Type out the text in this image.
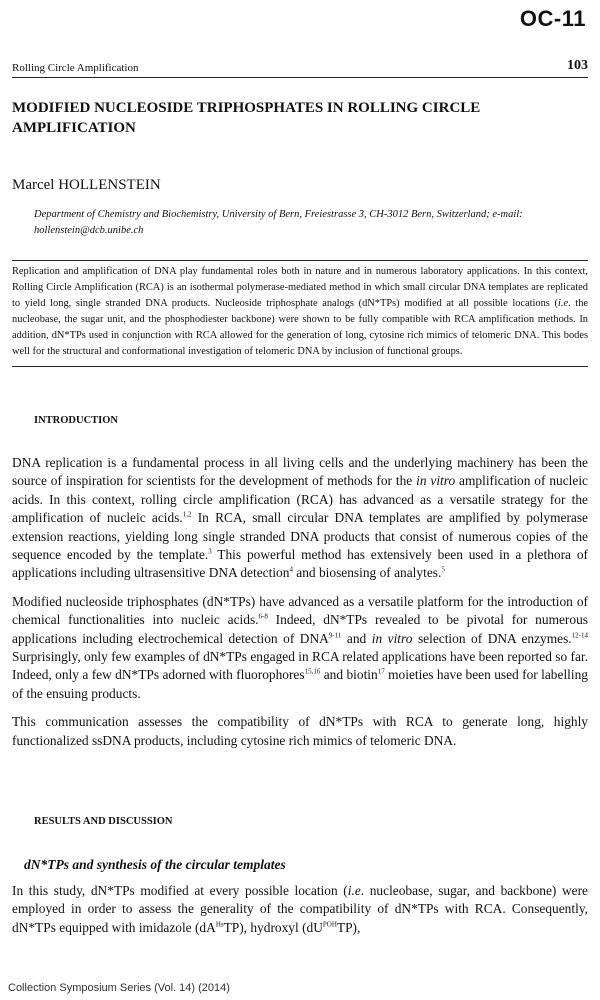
OC-11
Rolling Circle Amplification	103
MODIFIED NUCLEOSIDE TRIPHOSPHATES IN ROLLING CIRCLE AMPLIFICATION

Marcel HOLLENSTEIN

Department of Chemistry and Biochemistry, University of Bern, Freiestrasse 3, CH-3012 Bern, Switzerland; e-mail: hollenstein@dcb.unibe.ch

Replication and amplification of DNA play fundamental roles both in nature and in numerous laboratory applications. In this context, Rolling Circle Amplification (RCA) is an isothermal polymerase-mediated method in which small circular DNA templates are replicated to yield long, single stranded DNA products. Nucleoside triphosphate analogs (dN*TPs) modified at all possible locations (i.e. the nucleobase, the sugar unit, and the phosphodiester backbone) were shown to be fully compatible with RCA amplification methods. In addition, dN*TPs used in conjunction with RCA allowed for the generation of long, cytosine rich mimics of telomeric DNA. This bodes well for the structural and conformational investigation of telomeric DNA by inclusion of functional groups.

INTRODUCTION

DNA replication is a fundamental process in all living cells and the underlying machinery has been the source of inspiration for scientists for the development of methods for the in vitro amplification of nucleic acids. In this context, rolling circle amplification (RCA) has advanced as a versatile strategy for the amplification of nucleic acids.$^{1,2}$ In RCA, small circular DNA templates are amplified by polymerase extension reactions, yielding long single stranded DNA products that consist of numerous copies of the sequence encoded by the template.$^3$ This powerful method has extensively been used in a plethora of applications including ultrasensitive DNA detection$^4$ and biosensing of analytes.$^5$

Modified nucleoside triphosphates (dN*TPs) have advanced as a versatile platform for the introduction of chemical functionalities into nucleic acids.$^{6-8}$ Indeed, dN*TPs revealed to be pivotal for numerous applications including electrochemical detection of DNA$^{9-11}$ and in vitro selection of DNA enzymes.$^{12-14}$ Surprisingly, only few examples of dN*TPs engaged in RCA related applications have been reported so far. Indeed, only a few dN*TPs adorned with fluorophores$^{15,16}$ and biotin$^{17}$ moieties have been used for labelling of the ensuing products.

This communication assesses the compatibility of dN*TPs with RCA to generate long, highly functionalized ssDNA products, including cytosine rich mimics of telomeric DNA.

RESULTS AND DISCUSSION
dN*TPs and synthesis of the circular templates

In this study, dN*TPs modified at every possible location (i.e. nucleobase, sugar, and backbone) were employed in order to assess the generality of the compatibility of dN*TPs with RCA. Consequently, dN*TPs equipped with imidazole $(dA^{Hs}TP)$, hydroxyl $(dU^{POH}TP)$,

Collection Symposium Series (Vol. 14) (2014)
